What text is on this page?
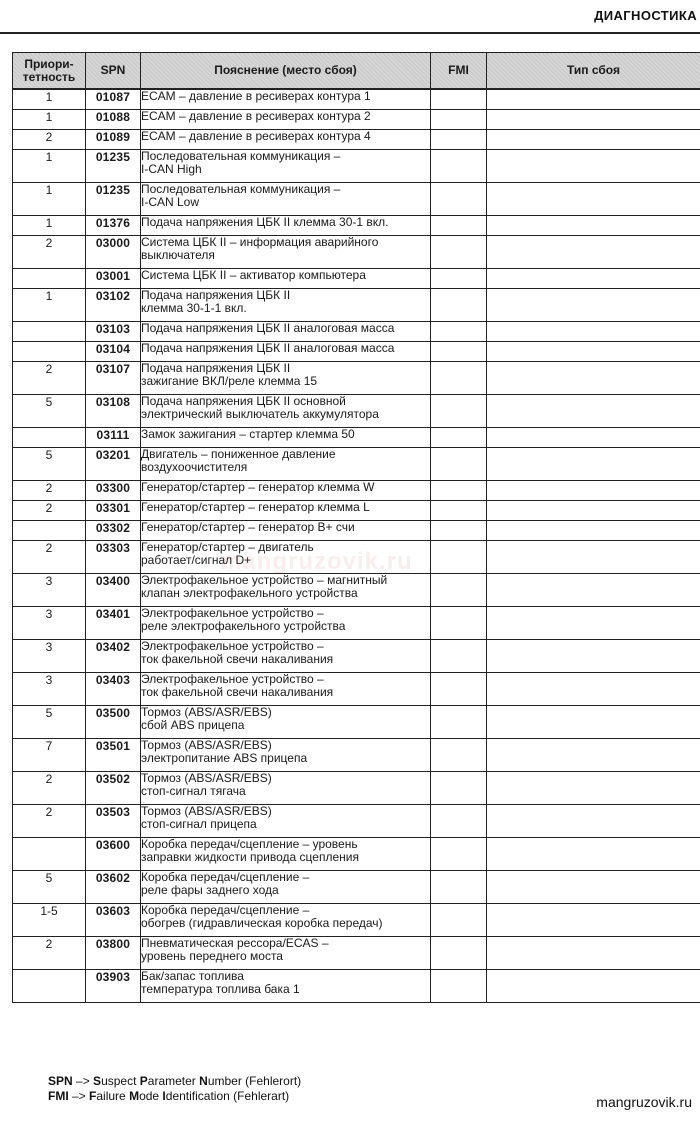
ДИАГНОСТИКА
Приори-
тетность	SPN	Пояснение (место сбоя)	FMI	Тип сбоя
1	01087	ECAM – давление в ресиверах контура 1		

1	01088	ECAM – давление в ресиверах контура 2		

2	01089	ECAM – давление в ресиверах контура 4		

1	01235	Последовательная коммуникация –
I-CAN High		

1	01235	Последовательная коммуникация –
I-CAN Low		

1	01376	Подача напряжения ЦБК II клемма 30-1 вкл.		

2	03000	Система ЦБК II – информация аварийного
выключателя		

	03001	Система ЦБК II – активатор компьютера		

1	03102	Подача напряжения ЦБК II
клемма 30-1-1 вкл.		

	03103	Подача напряжения ЦБК II аналоговая масса		

	03104	Подача напряжения ЦБК II аналоговая масса		

2	03107	Подача напряжения ЦБК II
зажигание ВКЛ/реле клемма 15		

5	03108	Подача напряжения ЦБК II основной
электрический выключатель аккумулятора		

	03111	Замок зажигания – стартер клемма 50		

5	03201	Двигатель – пониженное давление
воздухоочистителя		

2	03300	Генератор/стартер – генератор клемма W		

2	03301	Генератор/стартер – генератор клемма L		

	03302	Генератор/стартер – генератор B+ счи		

2	03303	Генератор/стартер – двигатель
работает/сигнал D+		

3	03400	Электрофакельное устройство – магнитный
клапан электрофакельного устройства		

3	03401	Электрофакельное устройство –
реле электрофакельного устройства		

3	03402	Электрофакельное устройство –
ток факельной свечи накаливания		

3	03403	Электрофакельное устройство –
ток факельной свечи накаливания		

5	03500	Тормоз (ABS/ASR/EBS)
сбой ABS прицепа		

7	03501	Тормоз (ABS/ASR/EBS)
электропитание ABS прицепа		

2	03502	Тормоз (ABS/ASR/EBS)
стоп-сигнал тягача		

2	03503	Тормоз (ABS/ASR/EBS)
стоп-сигнал прицепа		

	03600	Коробка передач/сцепление – уровень
заправки жидкости привода сцепления		

5	03602	Коробка передач/сцепление –
реле фары заднего хода		

1-5	03603	Коробка передач/сцепление –
обогрев (гидравлическая коробка передач)		

2	03800	Пневматическая рессора/ECAS –
уровень переднего моста		

	03903	Бак/запас топлива
температура топлива бака 1		

mangruzovik.ru
SPN –> Suspect Parameter Number (Fehlerort)
FMI –> Failure Mode Identification (Fehlerart)	mangruzovik.ru
